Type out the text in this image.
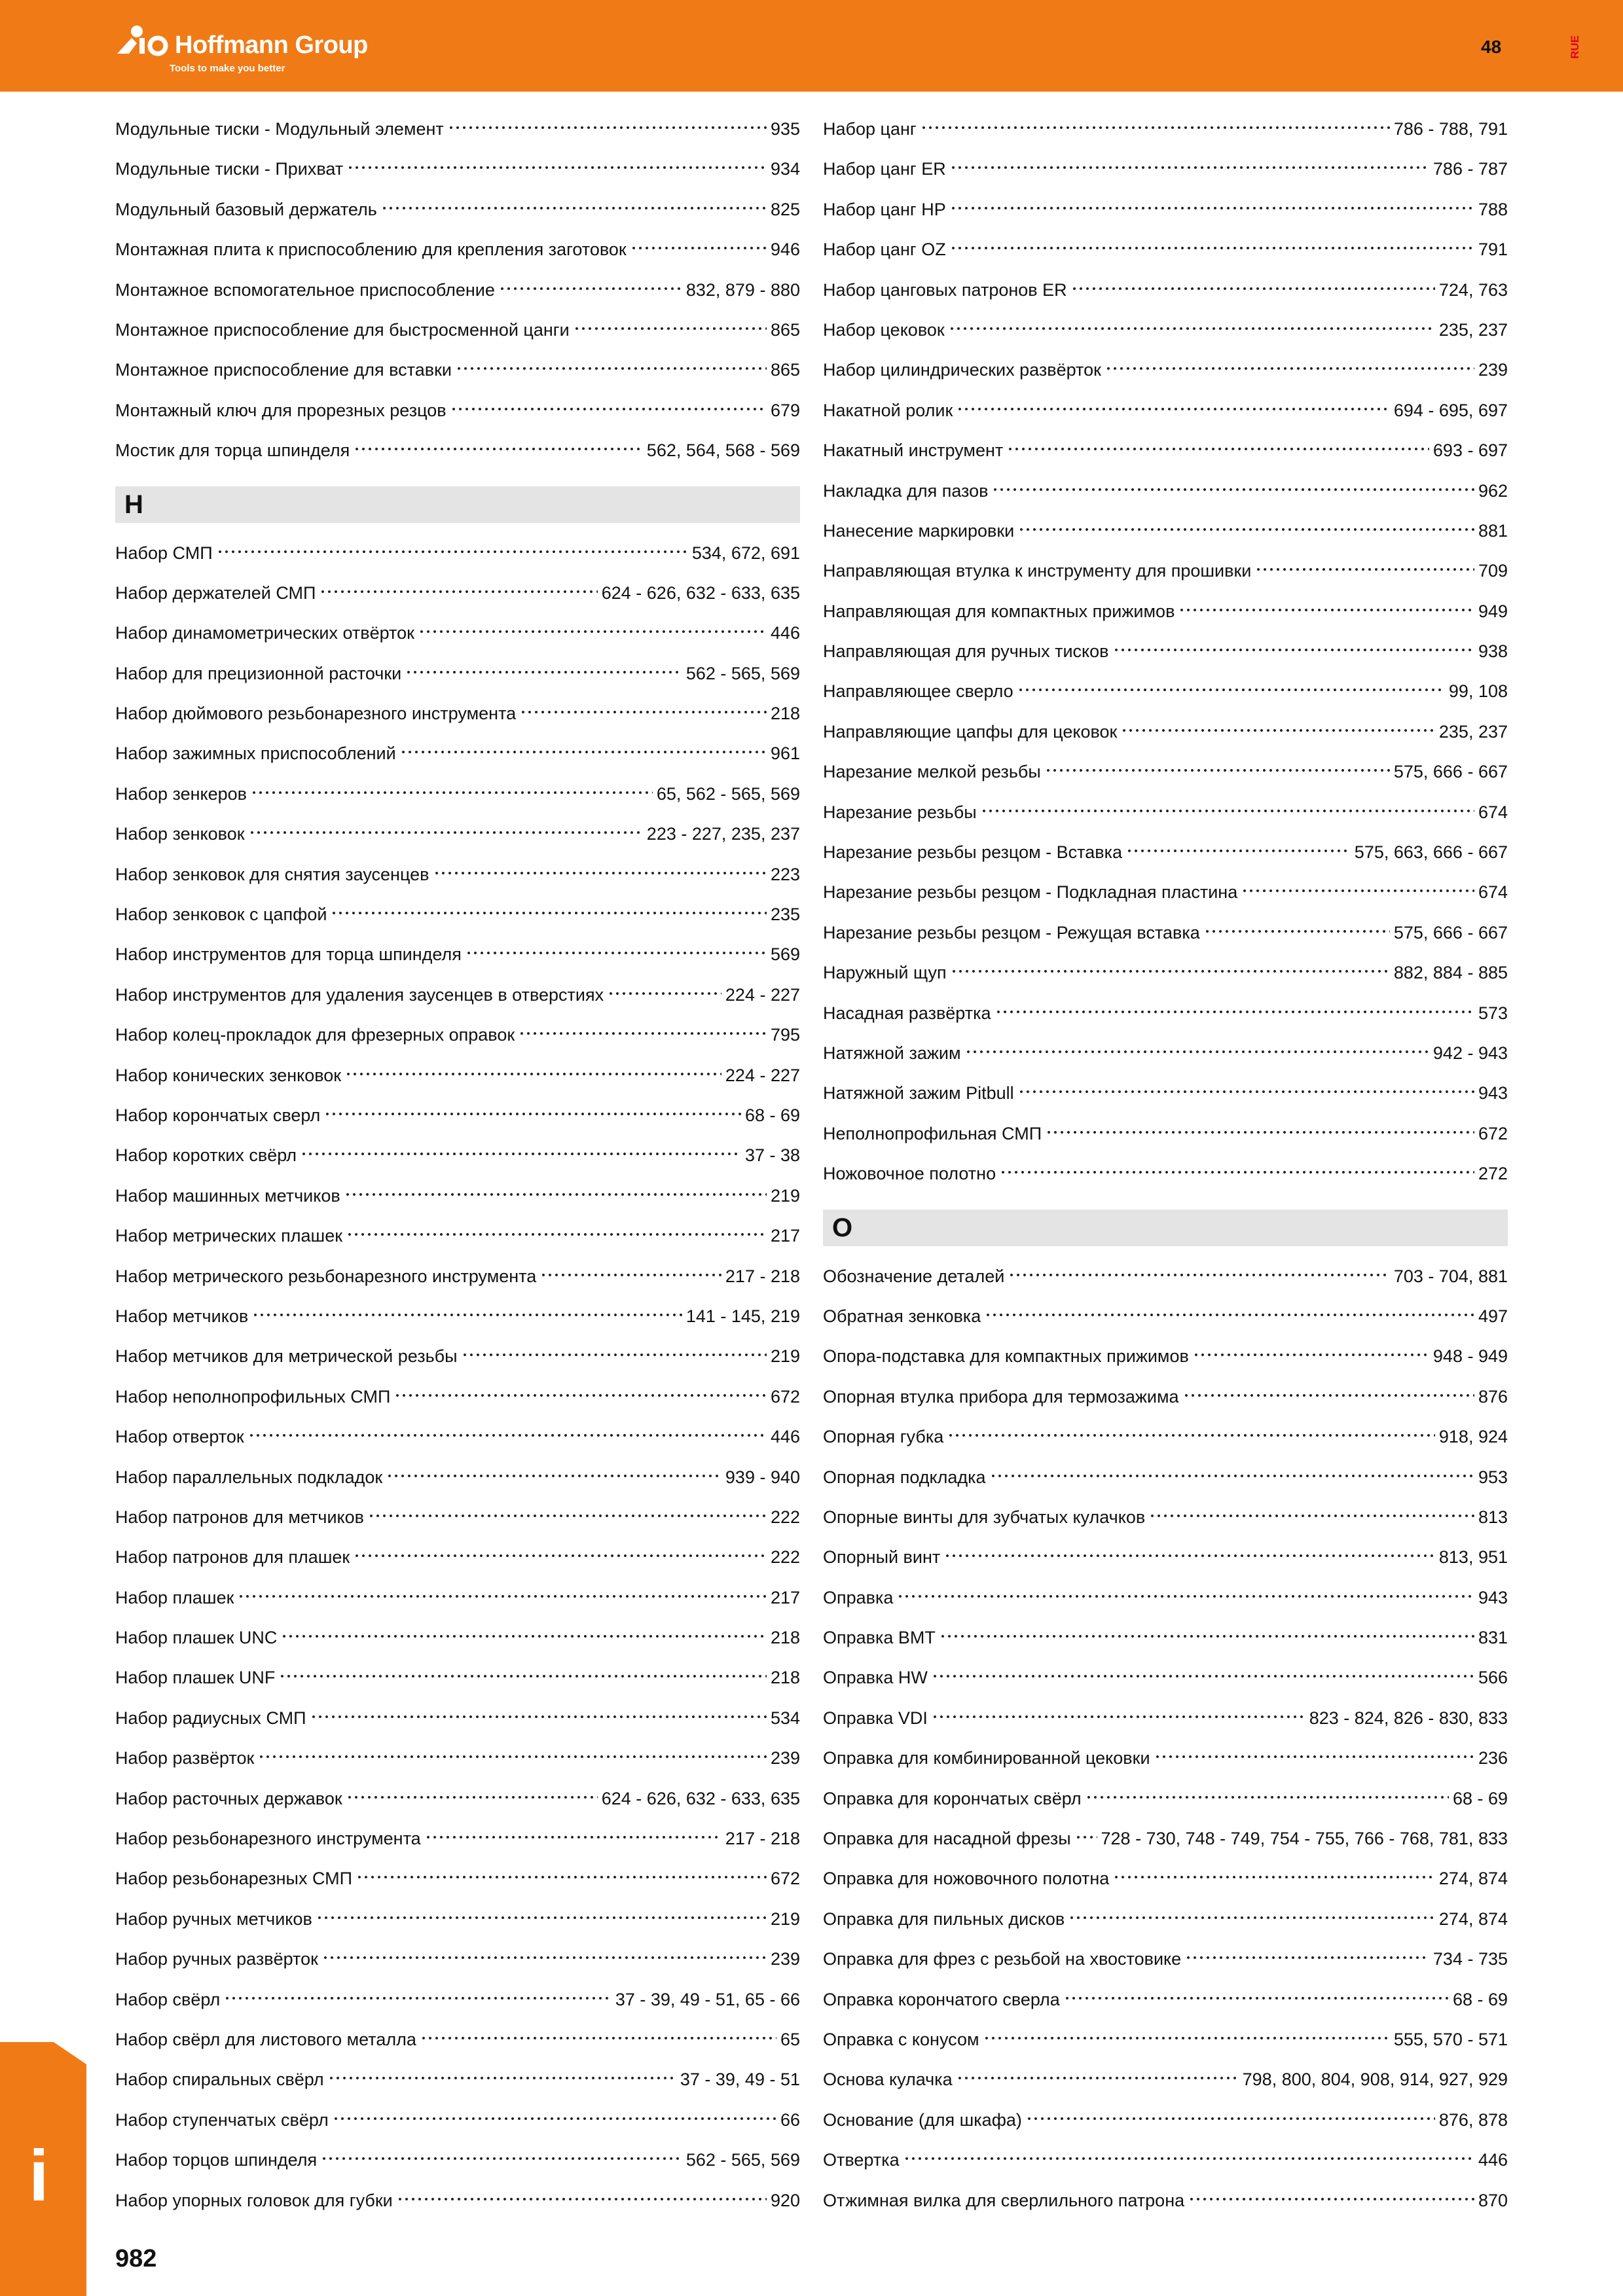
Hoffmann Group
Tools to make you better
48	RUE
Модульные тиски - Модульный элемент	935
Модульные тиски - Прихват	934
Модульный базовый держатель	825
Монтажная плита к приспособлению для крепления заготовок	946
Монтажное вспомогательное приспособление	832, 879 - 880
Монтажное приспособление для быстросменной цанги	865
Монтажное приспособление для вставки	865
Монтажный ключ для прорезных резцов	679
Мостик для торца шпинделя	562, 564, 568 - 569
Н
Набор СМП	534, 672, 691
Набор держателей СМП	624 - 626, 632 - 633, 635
Набор динамометрических отвёрток	446
Набор для прецизионной расточки	562 - 565, 569
Набор дюймового резьбонарезного инструмента	218
Набор зажимных приспособлений	961
Набор зенкеров	65, 562 - 565, 569
Набор зенковок	223 - 227, 235, 237
Набор зенковок для снятия заусенцев	223
Набор зенковок с цапфой	235
Набор инструментов для торца шпинделя	569
Набор инструментов для удаления заусенцев в отверстиях	224 - 227
Набор колец-прокладок для фрезерных оправок	795
Набор конических зенковок	224 - 227
Набор корончатых сверл	68 - 69
Набор коротких свёрл	37 - 38
Набор машинных метчиков	219
Набор метрических плашек	217
Набор метрического резьбонарезного инструмента	217 - 218
Набор метчиков	141 - 145, 219
Набор метчиков для метрической резьбы	219
Набор неполнопрофильных СМП	672
Набор отверток	446
Набор параллельных подкладок	939 - 940
Набор патронов для метчиков	222
Набор патронов для плашек	222
Набор плашек	217
Набор плашек UNC	218
Набор плашек UNF	218
Набор радиусных СМП	534
Набор развёрток	239
Набор расточных державок	624 - 626, 632 - 633, 635
Набор резьбонарезного инструмента	217 - 218
Набор резьбонарезных СМП	672
Набор ручных метчиков	219
Набор ручных развёрток	239
Набор свёрл	37 - 39, 49 - 51, 65 - 66
Набор свёрл для листового металла	65
Набор спиральных свёрл	37 - 39, 49 - 51
Набор ступенчатых свёрл	66
Набор торцов шпинделя	562 - 565, 569
Набор упорных головок для губки	920
Набор цанг	786 - 788, 791
Набор цанг ER	786 - 787
Набор цанг HP	788
Набор цанг OZ	791
Набор цанговых патронов ER	724, 763
Набор цековок	235, 237
Набор цилиндрических развёрток	239
Накатной ролик	694 - 695, 697
Накатный инструмент	693 - 697
Накладка для пазов	962
Нанесение маркировки	881
Направляющая втулка к инструменту для прошивки	709
Направляющая для компактных прижимов	949
Направляющая для ручных тисков	938
Направляющее сверло	99, 108
Направляющие цапфы для цековок	235, 237
Нарезание мелкой резьбы	575, 666 - 667
Нарезание резьбы	674
Нарезание резьбы резцом - Вставка	575, 663, 666 - 667
Нарезание резьбы резцом - Подкладная пластина	674
Нарезание резьбы резцом - Режущая вставка	575, 666 - 667
Наружный щуп	882, 884 - 885
Насадная развёртка	573
Натяжной зажим	942 - 943
Натяжной зажим Pitbull	943
Неполнопрофильная СМП	672
Ножовочное полотно	272
О
Обозначение деталей	703 - 704, 881
Обратная зенковка	497
Опора-подставка для компактных прижимов	948 - 949
Опорная втулка прибора для термозажима	876
Опорная губка	918, 924
Опорная подкладка	953
Опорные винты для зубчатых кулачков	813
Опорный винт	813, 951
Оправка	943
Оправка BMT	831
Оправка HW	566
Оправка VDI	823 - 824, 826 - 830, 833
Оправка для комбинированной цековки	236
Оправка для корончатых свёрл	68 - 69
Оправка для насадной фрезы 728 - 730, 748 - 749, 754 - 755, 766 - 768, 781, 833
Оправка для ножовочного полотна	274, 874
Оправка для пильных дисков	274, 874
Оправка для фрез с резьбой на хвостовике	734 - 735
Оправка корончатого сверла	68 - 69
Оправка с конусом	555, 570 - 571
Основа кулачка	798, 800, 804, 908, 914, 927, 929
Основание (для шкафа)	876, 878
Отвертка	446
Отжимная вилка для сверлильного патрона	870
i
982
